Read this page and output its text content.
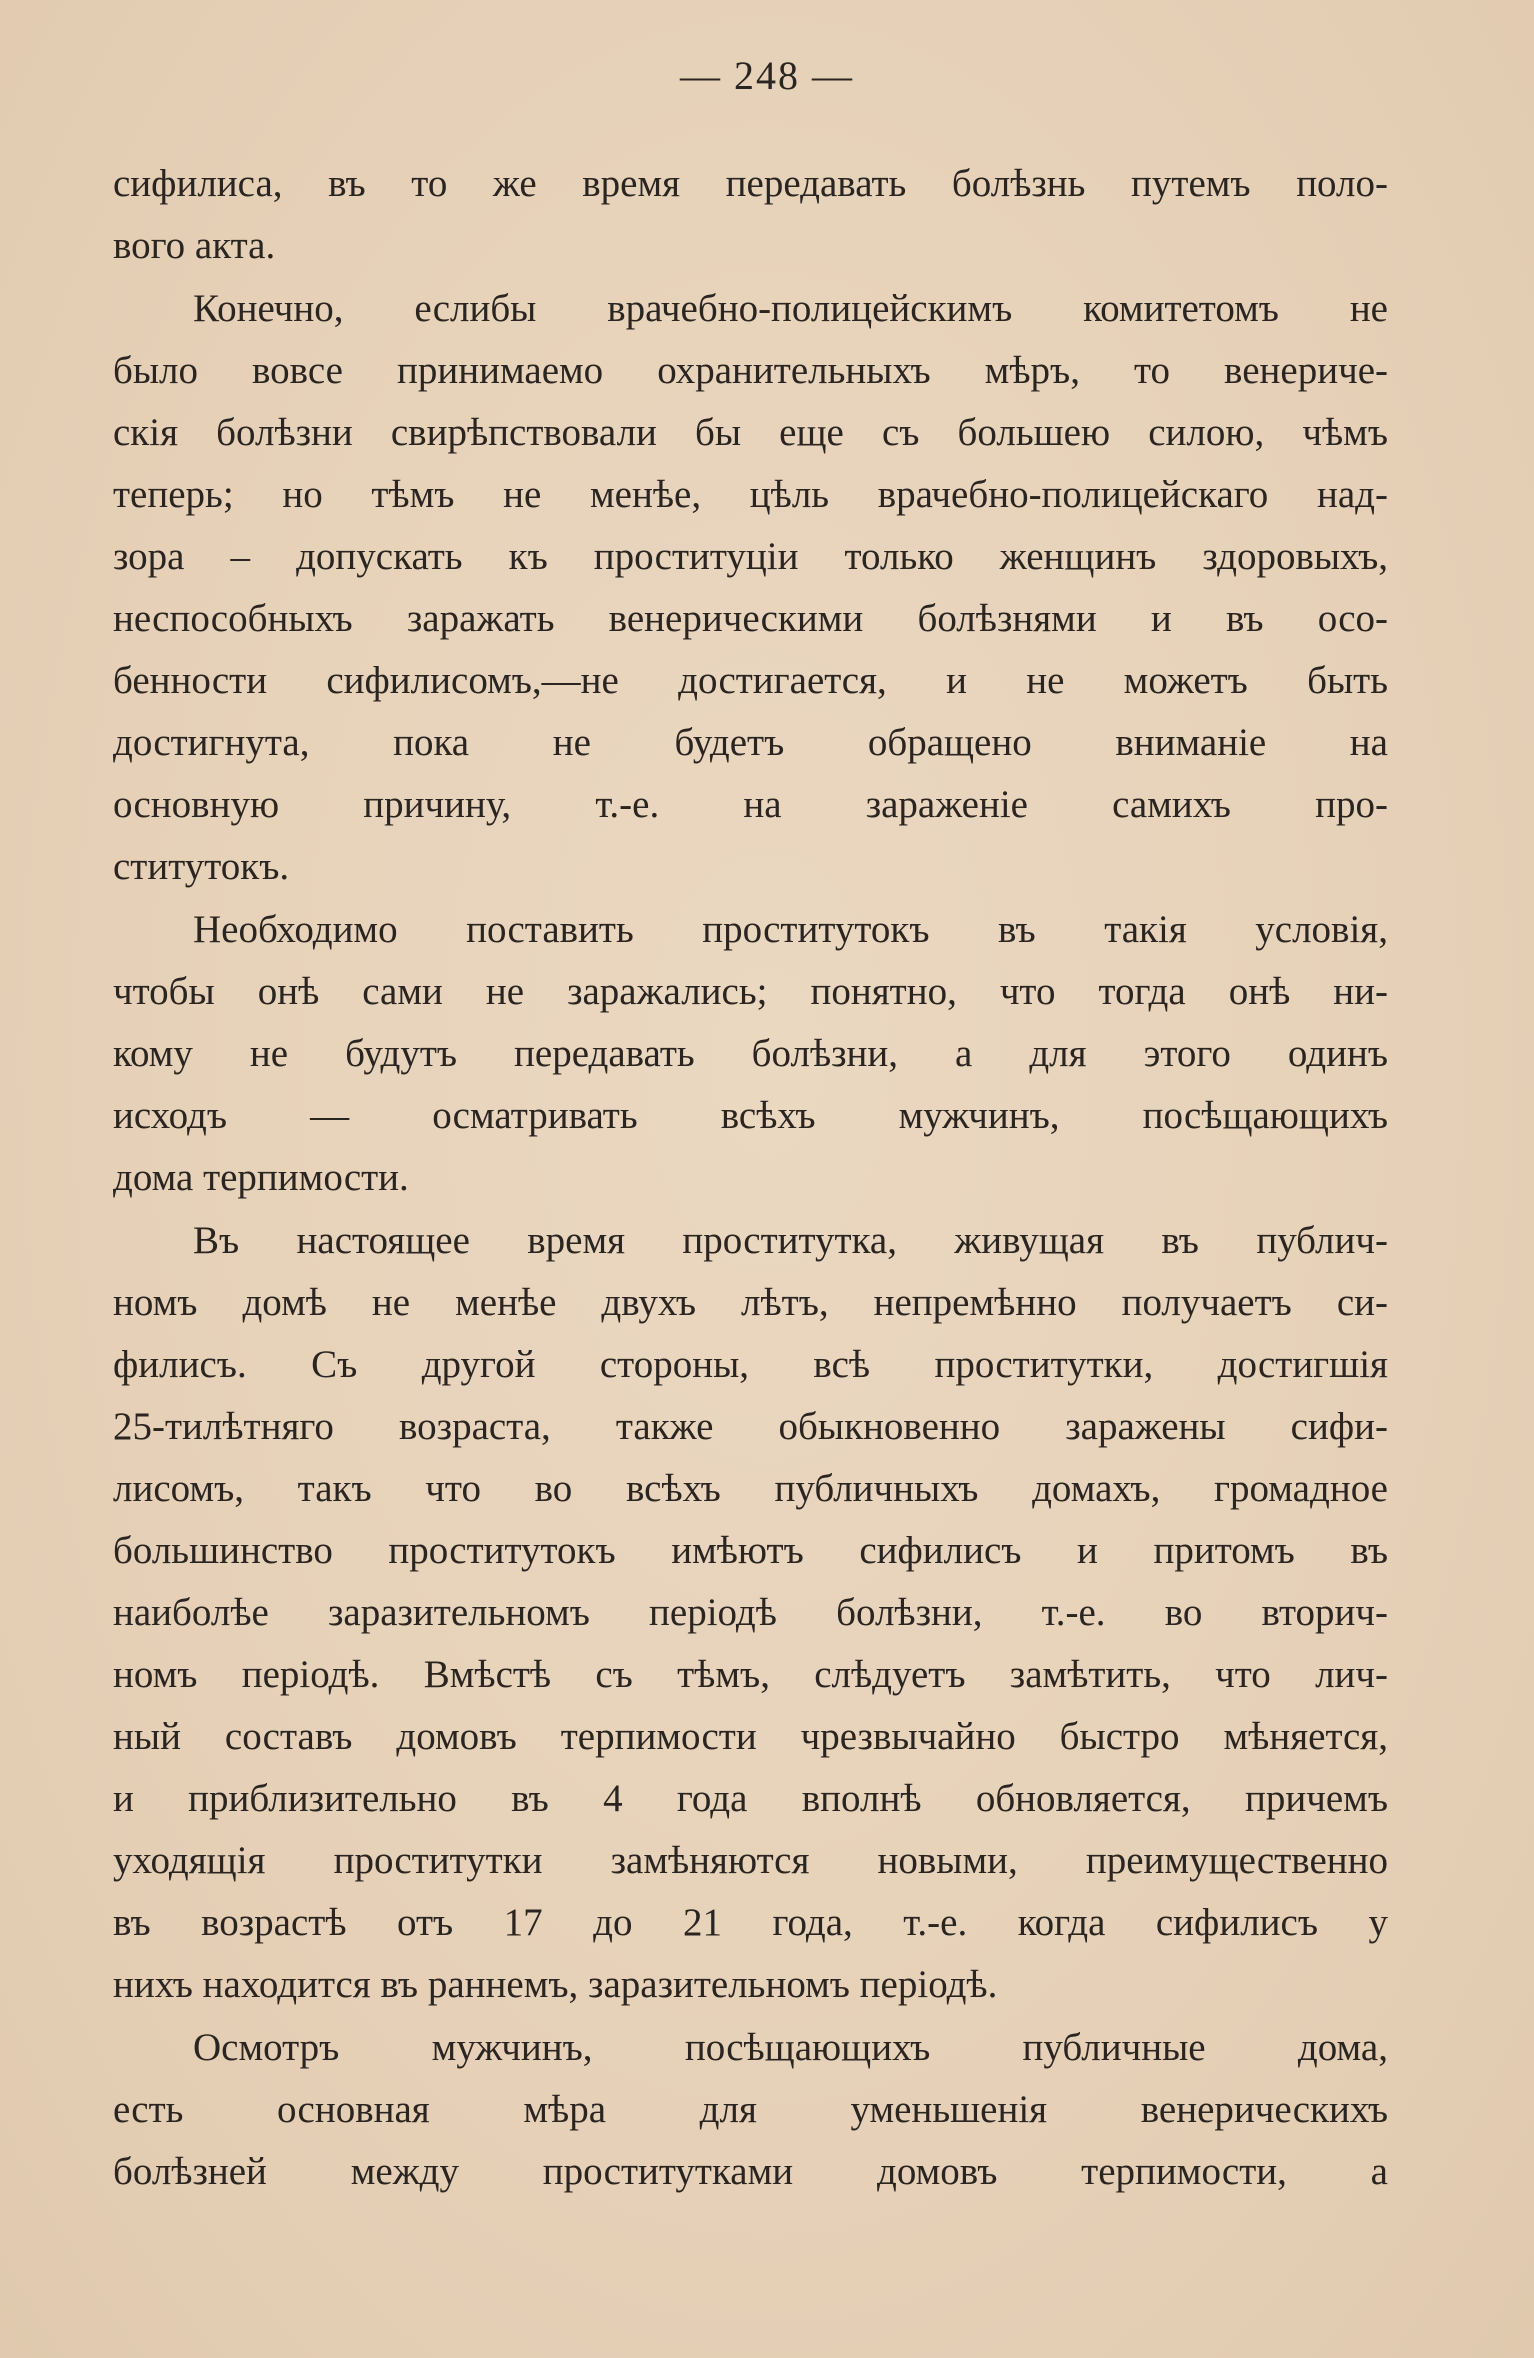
— 248 —
сифилиса, въ то же время передавать болѣзнь путемъ поло-
вого акта.
Конечно, еслибы врачебно-полицейскимъ комитетомъ не
было вовсе принимаемо охранительныхъ мѣръ, то венериче-
скія болѣзни свирѣпствовали бы еще съ большею силою, чѣмъ
теперь; но тѣмъ не менѣе, цѣль врачебно-полицейскаго над-
зора – допускать къ проституціи только женщинъ здоровыхъ,
неспособныхъ заражать венерическими болѣзнями и въ осо-
бенности сифилисомъ,—не достигается, и не можетъ быть
достигнута, пока не будетъ обращено вниманіе на
основную причину, т.-е. на зараженіе самихъ про-
ститутокъ.
Необходимо поставить проститутокъ въ такія условія,
чтобы онѣ сами не заражались; понятно, что тогда онѣ ни-
кому не будутъ передавать болѣзни, а для этого одинъ
исходъ — осматривать всѣхъ мужчинъ, посѣщающихъ
дома терпимости.
Въ настоящее время проститутка, живущая въ публич-
номъ домѣ не менѣе двухъ лѣтъ, непремѣнно получаетъ си-
филисъ. Съ другой стороны, всѣ проститутки, достигшія
25-тилѣтняго возраста, также обыкновенно заражены сифи-
лисомъ, такъ что во всѣхъ публичныхъ домахъ, громадное
большинство проститутокъ имѣютъ сифилисъ и притомъ въ
наиболѣе заразительномъ періодѣ болѣзни, т.-е. во вторич-
номъ періодѣ. Вмѣстѣ съ тѣмъ, слѣдуетъ замѣтить, что лич-
ный составъ домовъ терпимости чрезвычайно быстро мѣняется,
и приблизительно въ 4 года вполнѣ обновляется, причемъ
уходящія проститутки замѣняются новыми, преимущественно
въ возрастѣ отъ 17 до 21 года, т.-е. когда сифилисъ у
нихъ находится въ раннемъ, заразительномъ періодѣ.
Осмотръ мужчинъ, посѣщающихъ публичные дома,
есть основная мѣра для уменьшенія венерическихъ
болѣзней между проститутками домовъ терпимости, а
